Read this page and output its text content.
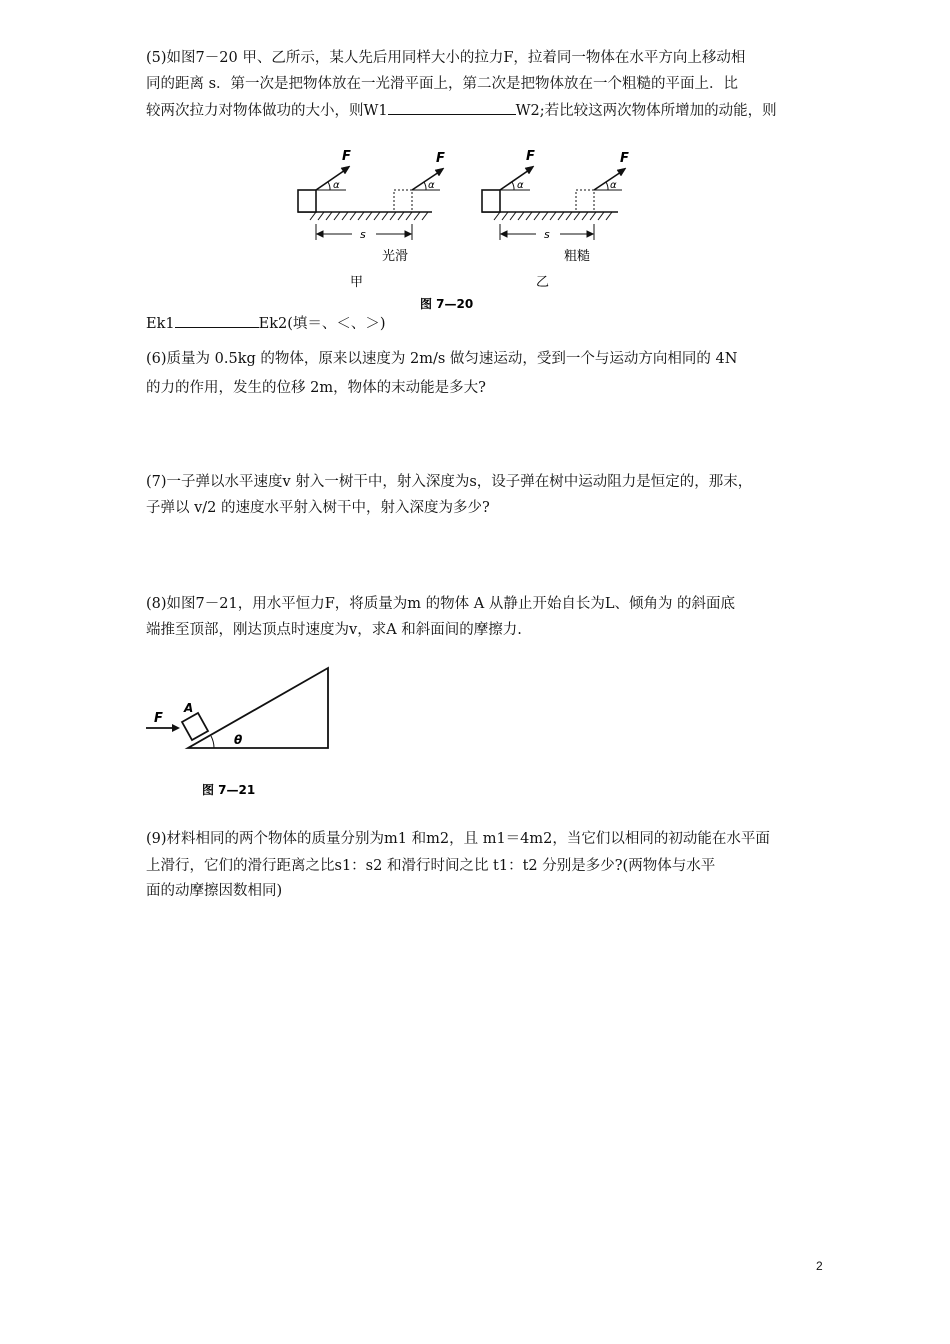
(5)如图7－20 甲、乙所示，某人先后用同样大小的拉力F，拉着同一物体在水平方向上移动相
同的距离 s．第一次是把物体放在一光滑平面上，第二次是把物体放在一个粗糙的平面上．比
较两次拉力对物体做功的大小，则W1	W2;若比较这两次物体所增加的动能，则
F	F	F	F
α	α	α	α
s	s
光滑	粗糙
甲	乙
图 7—20
Ek1	Ek2(填＝、＜、＞)
(6)质量为 0.5kg 的物体，原来以速度为 2m/s 做匀速运动，受到一个与运动方向相同的 4N
的力的作用，发生的位移 2m，物体的末动能是多大?
(7)一子弹以水平速度v 射入一树干中，射入深度为s，设子弹在树中运动阻力是恒定的，那末，
子弹以 v/2 的速度水平射入树干中，射入深度为多少?
(8)如图7－21，用水平恒力F，将质量为m 的物体 A 从静止开始自长为L、倾角为 的斜面底
端推至顶部，刚达顶点时速度为v，求A 和斜面间的摩擦力.
F
A
θ
图 7—21
(9)材料相同的两个物体的质量分别为m1 和m2，且 m1＝4m2，当它们以相同的初动能在水平面
上滑行，它们的滑行距离之比s1：s2 和滑行时间之比 t1：t2 分别是多少?(两物体与水平
面的动摩擦因数相同)
2
